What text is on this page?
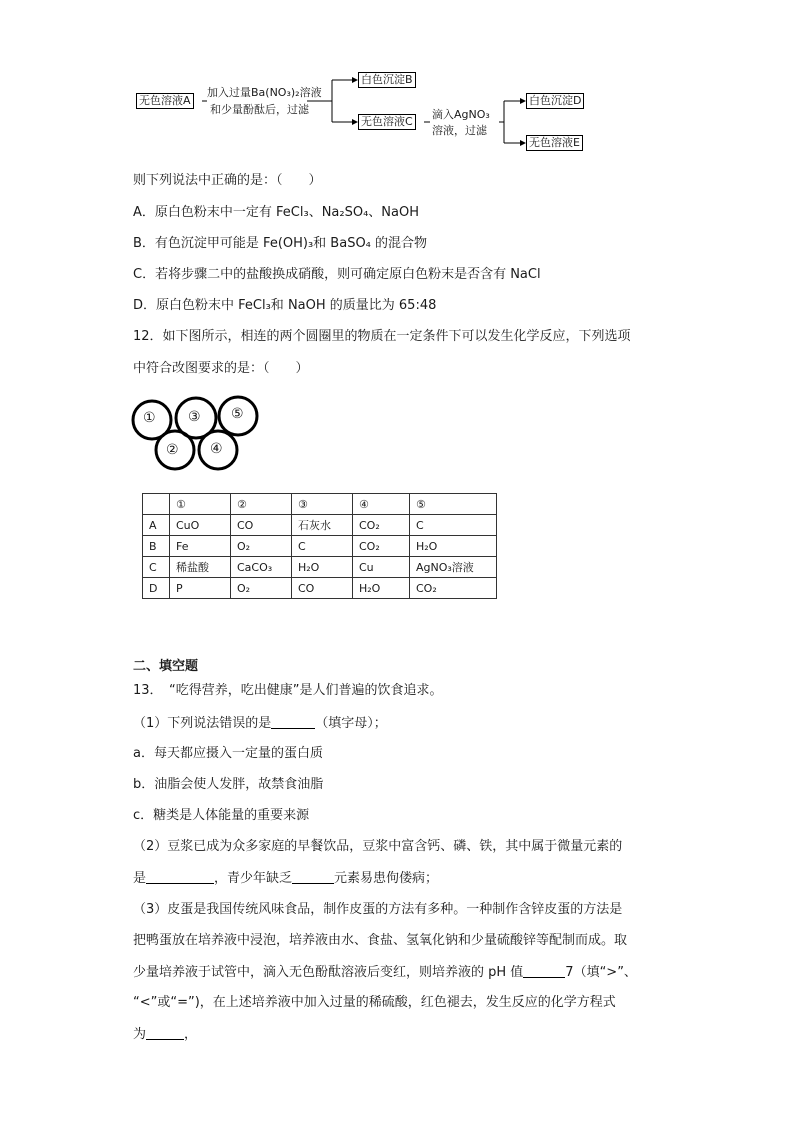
无色溶液A
加入过量Ba(NO₃)₂溶液
和少量酚酞后，过滤
白色沉淀B
无色溶液C
滴入AgNO₃
溶液，过滤
白色沉淀D
无色溶液E
则下列说法中正确的是：（　　）
A．原白色粉末中一定有 FeCl₃、Na₂SO₄、NaOH
B．有色沉淀甲可能是 Fe(OH)₃和 BaSO₄ 的混合物
C．若将步骤二中的盐酸换成硝酸，则可确定原白色粉末是否含有 NaCl
D．原白色粉末中 FeCl₃和 NaOH 的质量比为 65:48
12．如下图所示，相连的两个圆圈里的物质在一定条件下可以发生化学反应，下列选项
中符合改图要求的是：（　　）
①
②
③
④
⑤
	①	②	③	④	⑤
A	CuO	CO	石灰水	CO₂	C
B	Fe	O₂	C	CO₂	H₂O
C	稀盐酸	CaCO₃	H₂O	Cu	AgNO₃溶液
D	P	O₂	CO	H₂O	CO₂
二、填空题
13．　“吃得营养，吃出健康”是人们普遍的饮食追求。
（1）下列说法错误的是	（填字母）；
a．每天都应摄入一定量的蛋白质
b．油脂会使人发胖，故禁食油脂
c．糖类是人体能量的重要来源
（2）豆浆已成为众多家庭的早餐饮品，豆浆中富含钙、磷、铁，其中属于微量元素的
是	，青少年缺乏	元素易患佝偻病；
（3）皮蛋是我国传统风味食品，制作皮蛋的方法有多种。一种制作含锌皮蛋的方法是
把鸭蛋放在培养液中浸泡，培养液由水、食盐、氢氧化钠和少量硫酸锌等配制而成。取
少量培养液于试管中，滴入无色酚酞溶液后变红，则培养液的 pH 值	7（填“>”、
“<”或“=”)，在上述培养液中加入过量的稀硫酸，红色褪去，发生反应的化学方程式
为	，
